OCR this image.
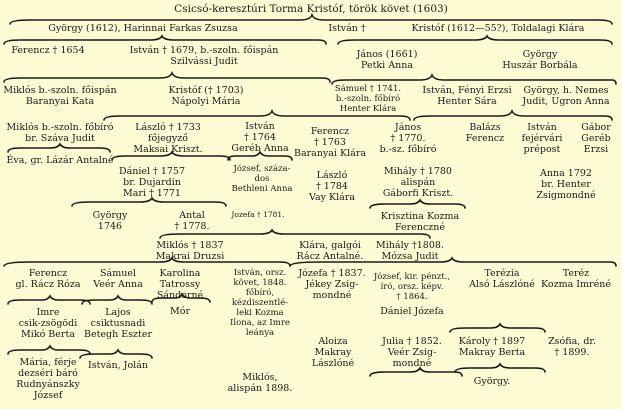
Csicsó-keresztúri Torma Kristóf, török követ (1603)
György (1612), Harinnai Farkas Zsuzsa	István †	Kristóf (1612—55?), Toldalagi Klára
Ferencz † 1654	István † 1679, b.-szoln. főispán
Szilvássi Judit
János (1661)
Petki Anna
György
Huszár Borbála
Miklós b.-szoln. főispán
Baranyai Kata
Kristóf († 1703)
Nápolyi Mária
Sámuel † 1741.
b.-szoln. főbíró
Henter Klára
István, Fényi Erzsi
Henter Sára
György, h. Nemes
Judit, Ugron Anna
Miklós b.-szoln. főbíró
br. Száva Judit
Éva, gr. Lázár Antalné
László † 1733
főjegyző
Maksai Kriszt.
Dániel † 1757
br. Dujardin
Mari † 1771
István
† 1764
Geréb Anna
József, száza-
dos
Bethleni Anna
Jozefa † 1781.
Ferencz
† 1763
Baranyai Klára
László
† 1784
Vay Klára
János
† 1770.
b.-sz. főbíró
Mihály † 1780
alispán
Gáborfi Kriszt.
Krisztina Kozma
Ferenczné
Balázs
Ferencz
István
fejérvári
prépost
Gábor
Geréb
Erzsi
Anna 1792
br. Henter
Zsigmondné
György
1746
Antal
† 1778.
Miklós † 1837
Makrai Druzsi
Klára, galgói
Rácz Antalné.
Mihály †1808.
Mózsa Judit
Ferencz
gl. Rácz Róza
Sámuel
Veér Anna
Karolina
Tatrossy
Sándorné
István, orsz.
követ, 1848.
főbíró,
kézdiszentlé-
leki Kozma
Ilona, az Imre
leánya
Józefa † 1837.
Jékey Zsig-
mondné
József, kir. pénzt.,
író, orsz. képv.
† 1864.
Dániel Józefa
Terézia
Alsó Lászlóné
Teréz
Kozma Imréné
Imre
csik-zsögödi
Mikó Berta
Lajos
csiktusnadi
Betegh Eszter
Mór
Miklós,
alispán 1898.
Aloiza
Makray
Lászlóné
Julia † 1852.
Veér Zsig-
mondné
Károly † 1897
Makray Berta
Zsófia, dr.
† 1899.
Mária, férje
dezséri báró
Rudnyánszky
József
István, Jolán
György.
